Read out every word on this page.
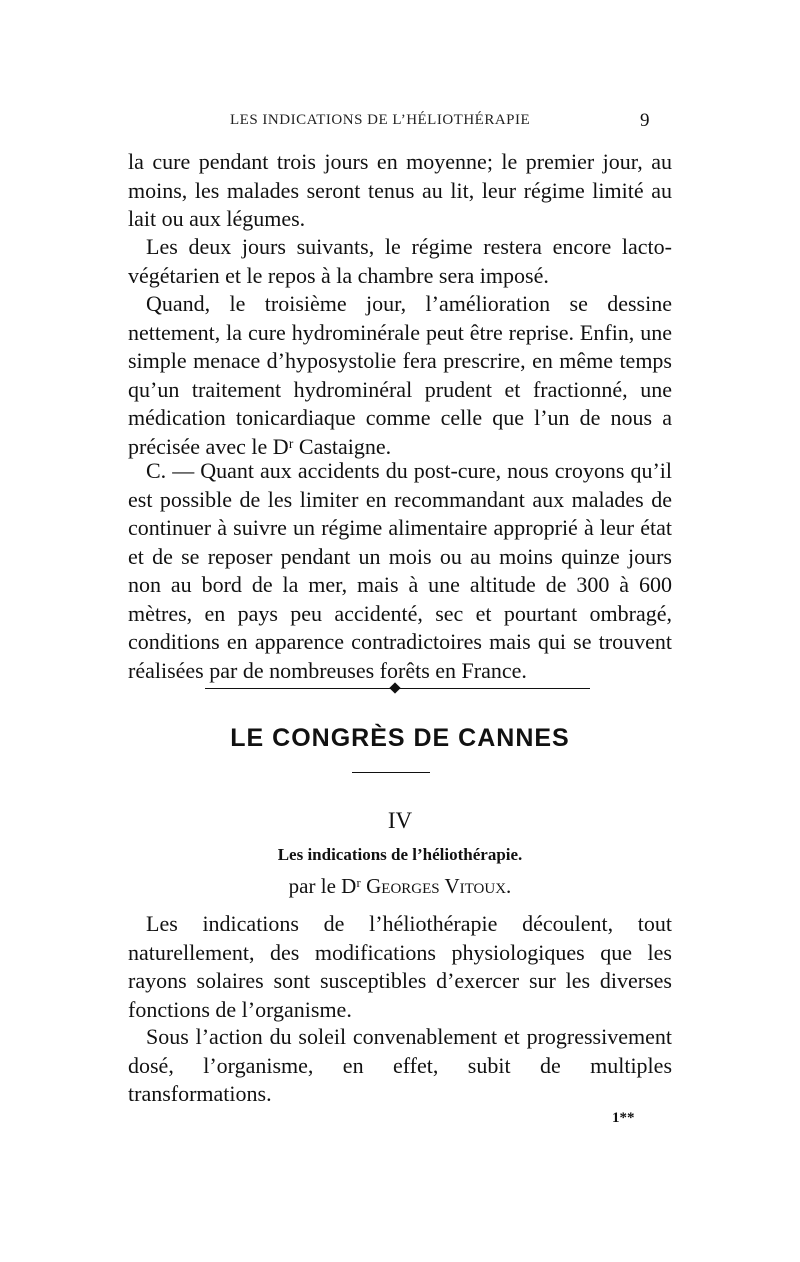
LES INDICATIONS DE L’HÉLIOTHÉRAPIE	9

la cure pendant trois jours en moyenne; le premier jour, au moins, les malades seront tenus au lit, leur régime limité au lait ou aux légumes.

Les deux jours suivants, le régime restera encore lacto-végétarien et le repos à la chambre sera imposé.

Quand, le troisième jour, l’amélioration se dessine nettement, la cure hydrominérale peut être reprise. Enfin, une simple menace d’hyposystolie fera prescrire, en même temps qu’un traitement hydrominéral prudent et fractionné, une médication tonicardiaque comme celle que l’un de nous a précisée avec le Dʳ Castaigne.

C. — Quant aux accidents du post-cure, nous croyons qu’il est possible de les limiter en recommandant aux malades de continuer à suivre un régime alimentaire approprié à leur état et de se reposer pendant un mois ou au moins quinze jours non au bord de la mer, mais à une altitude de 300 à 600 mètres, en pays peu accidenté, sec et pourtant ombragé, conditions en apparence contradictoires mais qui se trouvent réalisées par de nombreuses forêts en France.

LE CONGRÈS DE CANNES
IV
Les indications de l’héliothérapie.
par le Dʳ Georges Vitoux.

Les indications de l’héliothérapie découlent, tout naturellement, des modifications physiologiques que les rayons solaires sont susceptibles d’exercer sur les diverses fonctions de l’organisme.

Sous l’action du soleil convenablement et progressivement dosé, l’organisme, en effet, subit de multiples transformations.

1**
